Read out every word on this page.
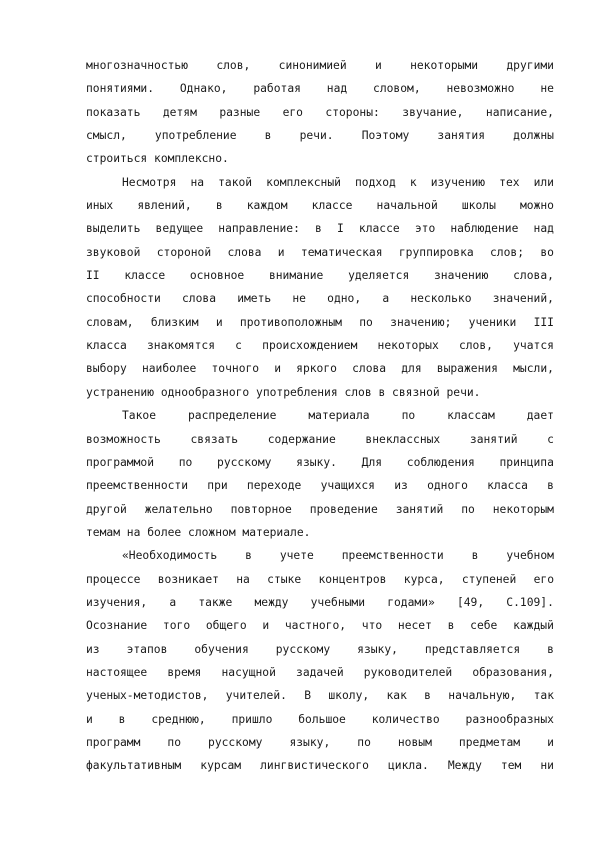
многозначностью	слов,	синонимией	и	некоторыми	другими
понятиями. Однако, работая над словом, невозможно не
показать детям разные его стороны: звучание, написание,
смысл, употребление в речи. Поэтому занятия должны
строиться комплексно.
Несмотря на такой комплексный подход к изучению тех или
иных явлений, в каждом классе начальной школы можно
выделить ведущее направление: в I классе это наблюдение над
звуковой стороной слова и тематическая группировка слов; во
II классе основное внимание уделяется значению слова,
способности слова иметь не одно, а несколько значений,
словам, близким и противоположным по значению; ученики III
класса знакомятся с происхождением некоторых слов, учатся
выбору наиболее точного и яркого слова для выражения мысли,
устранению однообразного употребления слов в связной речи.
Такое	распределение	материала	по	классам	дает
возможность	связать	содержание	внеклассных	занятий	с
программой по русскому языку. Для соблюдения принципа
преемственности при переходе учащихся из одного класса в
другой желательно повторное проведение занятий по некоторым
темам на более сложном материале.
«Необходимость в учете преемственности в учебном
процессе возникает на стыке концентров курса, ступеней его
изучения, а также между учебными годами» [49, С.109].
Осознание того общего и частного, что несет в себе каждый
из этапов обучения русскому языку, представляется в
настоящее время насущной задачей руководителей образования,
ученых-методистов, учителей. В школу, как в начальную, так
и в среднюю, пришло большое количество разнообразных
программ по русскому языку, по новым предметам и
факультативным курсам лингвистического цикла. Между тем ни
